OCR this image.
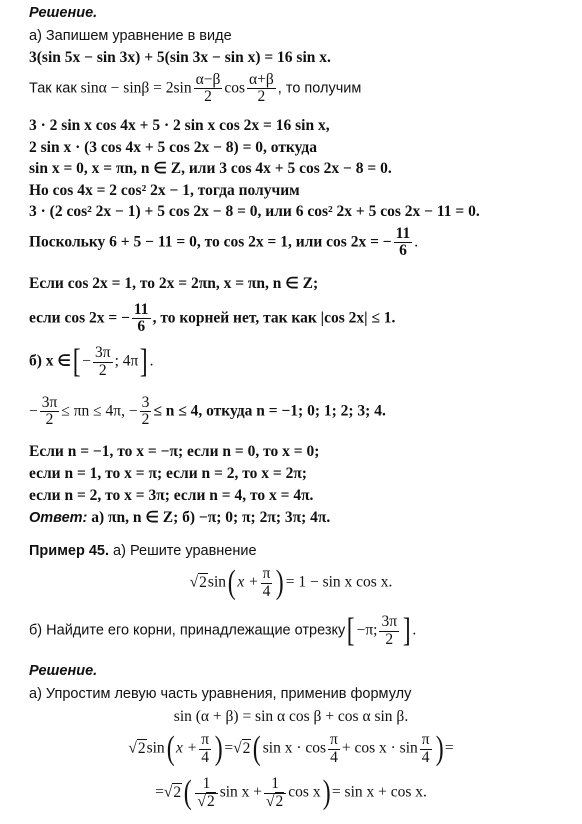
Решение.
а) Запишем уравнение в виде
3(sin 5x − sin 3x) + 5(sin 3x − sin x) = 16 sin x.
Так как $\sin\alpha - \sin\beta = 2\sin \frac{\alpha-\beta}{2}$ $\cos \frac{\alpha+\beta}{2}$ , то получим
3 · 2 sin x cos 4x + 5 · 2 sin x cos 2x = 16 sin x,
2 sin x · (3 cos 4x + 5 cos 2x − 8) = 0, откуда
sin x = 0, x = πn, n ∈ Z, или 3 cos 4x + 5 cos 2x − 8 = 0.
Но cos 4x = 2 cos² 2x − 1, тогда получим
3 · (2 cos² 2x − 1) + 5 cos 2x − 8 = 0, или 6 cos² 2x + 5 cos 2x − 11 = 0.
Поскольку 6 + 5 − 11 = 0, то cos 2x = 1, или cos 2x = − $\frac{11}{6}$ .
Если cos 2x = 1, то 2x = 2πn, x = πn, n ∈ Z;
если cos 2x = − $\frac{11}{6}$ , то корней нет, так как |cos 2x| ≤ 1.
б) x ∈[ − $\frac{3\pi}{2}$ ; 4π] .
− $\frac{3\pi}{2} \le \pi n \le 4\pi$, − $\frac{3}{2} \le n \le 4$, откуда n = −1; 0; 1; 2; 3; 4.
Если n = −1, то x = −π; если n = 0, то x = 0;
если n = 1, то x = π; если n = 2, то x = 2π;
если n = 2, то x = 3π; если n = 4, то x = 4π.
Ответ: а) πn, n ∈ Z; б) −π; 0; π; 2π; 3π; 4π.
Пример 45. а) Решите уравнение
√2sin( $x + \frac{\pi}{4}$ ) = 1 − sin x cos x.
б) Найдите его корни, принадлежащие отрезку[ −π; $\frac{3\pi}{2}$ ] .
Решение.
а) Упростим левую часть уравнения, применив формулу
sin (α + β) = sin α cos β + cos α sin β.
√2sin( $x + \frac{\pi}{4}$ ) =√2( $\sin x \cdot \cos \frac{\pi}{4} + \cos x \cdot \sin \frac{\pi}{4}$ ) =
$=√2( \frac{1}{√2}$ $\sin x + \frac{1}{√2}$ cos x) = sin x + cos x.
